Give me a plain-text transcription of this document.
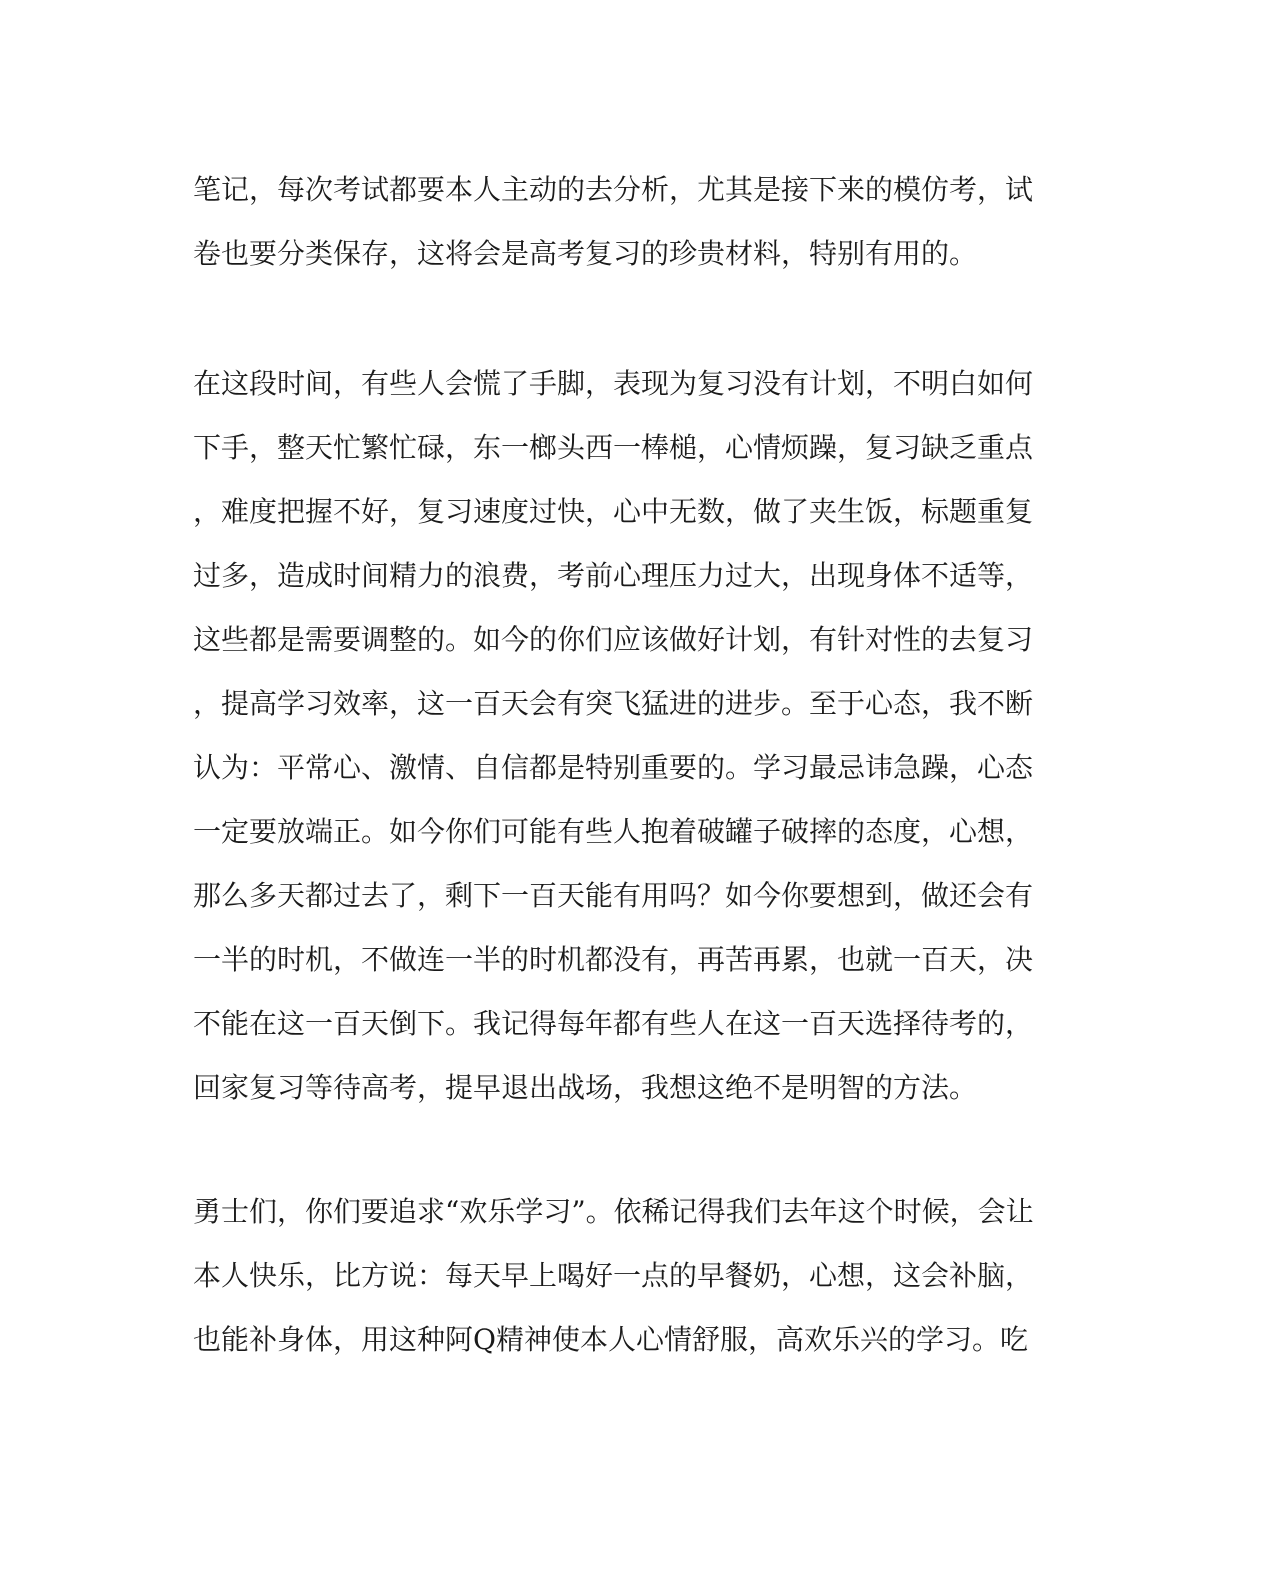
笔记，每次考试都要本人主动的去分析，尤其是接下来的模仿考，试
卷也要分类保存，这将会是高考复习的珍贵材料，特别有用的。
在这段时间，有些人会慌了手脚，表现为复习没有计划，不明白如何
下手，整天忙繁忙碌，东一榔头西一棒槌，心情烦躁，复习缺乏重点
，难度把握不好，复习速度过快，心中无数，做了夹生饭，标题重复
过多，造成时间精力的浪费，考前心理压力过大，出现身体不适等，
这些都是需要调整的。如今的你们应该做好计划，有针对性的去复习
，提高学习效率，这一百天会有突飞猛进的进步。至于心态，我不断
认为：平常心、激情、自信都是特别重要的。学习最忌讳急躁，心态
一定要放端正。如今你们可能有些人抱着破罐子破摔的态度，心想，
那么多天都过去了，剩下一百天能有用吗？如今你要想到，做还会有
一半的时机，不做连一半的时机都没有，再苦再累，也就一百天，决
不能在这一百天倒下。我记得每年都有些人在这一百天选择待考的，
回家复习等待高考，提早退出战场，我想这绝不是明智的方法。
勇士们，你们要追求“欢乐学习”。依稀记得我们去年这个时候，会让
本人快乐，比方说：每天早上喝好一点的早餐奶，心想，这会补脑，
也能补身体，用这种阿Q精神使本人心情舒服，高欢乐兴的学习。吃
